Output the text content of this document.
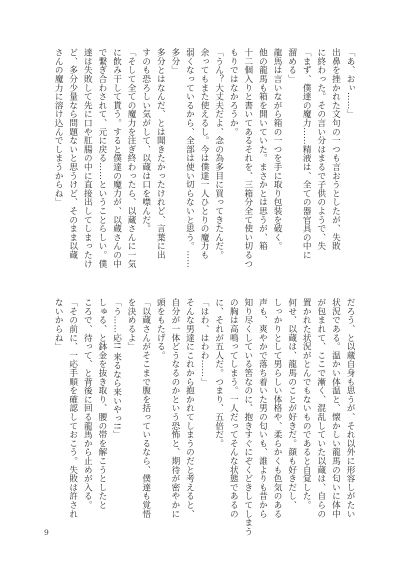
「あ、おぃ……」
出鼻を挫かれた文句の一つも言おうとしたが、失敗
に終わった。その言い分はまるで子供のようで、失
「まず、僕達の魔力……精液は、全ての器官具の中に
溜める」
龍馬は言いながら箱の一つを手に取り包装を破く。
他の龍馬も箱を開いていた。まさかとは思うが、箱
十二個入りと書いてあるそれを、三箱分全て使い切るつ
もりではなかろうか。
「うん？大丈夫だよ、念の為多目に買ってきたんだ。
余ってもまた使えるし。今は僕達一人ひとりの魔力も
弱くなっているから、全部は使い切らないと思う。……
多分」
多分とはなんだ、とは聞きたかったけれど、言葉に出
すのも恐ろしい気がして、以蔵は口を噤んだ。
「そして全ての魔力を注ぎ終わったら、以蔵さんに一気
に飲み干して貰う。すると僕達の魔力が、以蔵さんの中
で繋ぎ合わされて、元に戻る……ということらしい。僕
達は失敗して先に口や肛腸の中に直接出してしまったけ
ど、多分少量なら問題ないと思うけど、そのまま以蔵
さんの魔力に溶け込んでしまうからね」
だろう、と以蔵自身も思うが、それ以外に形容しがたい
状況である。温かい体温と、懐かしい龍馬の匂いに体中
が包まれて、ここで漸く、混乱していた以蔵は、自らの
置かれた状況がとんでもないものであると自覚した。
何せ、以蔵は、龍馬のことが好きだ。顔も好きだし、
しっかりとして男らしい体格や、柔らかくも色気のある
声も、爽やかで落ち着いた男の匂いも、誰よりも昔から
知り尽くしている筈なのに、抱きすぐにぞくどきしてしまう
の胸は高鳴ってしまう。一人だってそんな状態であるの
に、それが五人だ。つまり、五倍だ。
「はわ、はわわ……」
そんな男達にこれから抱かれてしまうのだと考えると、
自分が一体どうなるのかという恐怖と、期待が密やかに
頭をもたげる。
「以蔵さんがそこまで腹を括っているなら、僕達も覚悟
を決めるよ」
「う……応!! 来るなら来いやっ!!」
しゅる、と鉢金を抜き取り、腰の帯を解こうとしたと
ころで、待って、と背後に回る龍馬から止めが入る。
「その前に、一応手順を確認しておこう。失敗は許され
ないからね」
9
